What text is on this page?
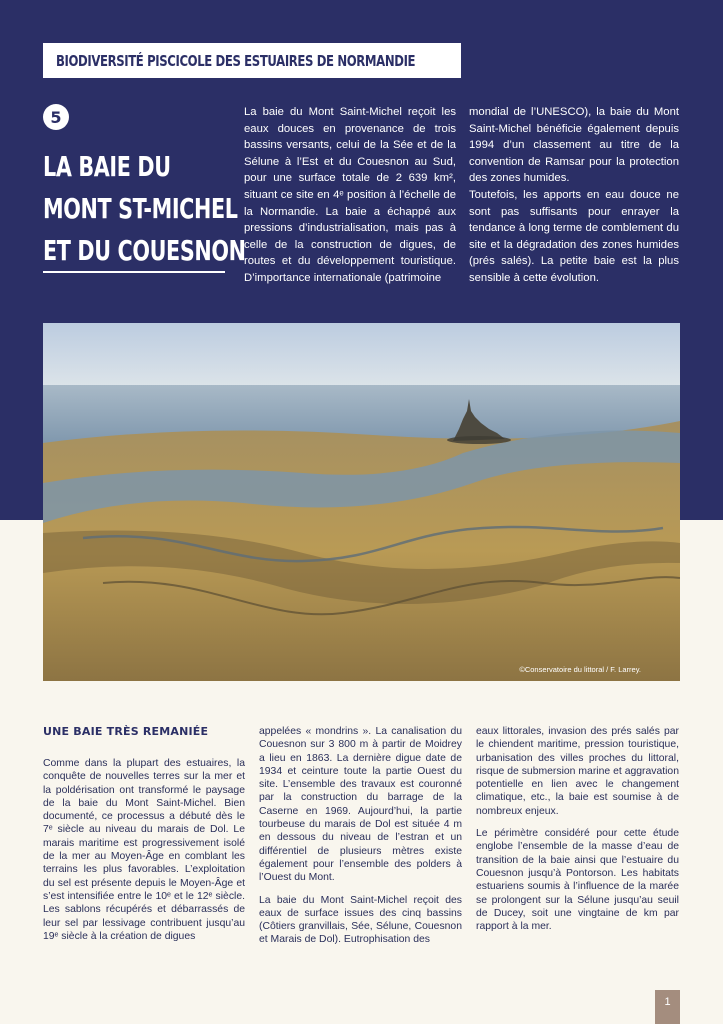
BIODIVERSITÉ PISCICOLE DES ESTUAIRES DE NORMANDIE
5
LA BAIE DU
MONT ST-MICHEL
ET DU COUESNON

La baie du Mont Saint-Michel reçoit les eaux douces en provenance de trois bassins versants, celui de la Sée et de la Sélune à l’Est et du Couesnon au Sud, pour une surface totale de 2 639 km², situant ce site en 4ᵉ position à l’échelle de la Normandie. La baie a échappé aux pressions d’industrialisation, mais pas à celle de la construction de digues, de routes et du développement touristique. D’importance internationale (patrimoine

mondial de l’UNESCO), la baie du Mont Saint-Michel bénéficie également depuis 1994 d’un classement au titre de la convention de Ramsar pour la protection des zones humides.

Toutefois, les apports en eau douce ne sont pas suffisants pour enrayer la tendance à long terme de comblement du site et la dégradation des zones humides (prés salés). La petite baie est la plus sensible à cette évolution.

©Conservatoire du littoral / F. Larrey.
UNE BAIE TRÈS REMANIÉE

Comme dans la plupart des estuaires, la conquête de nouvelles terres sur la mer et la poldérisation ont transformé le paysage de la baie du Mont Saint-Michel. Bien documenté, ce processus a débuté dès le 7ᵉ siècle au niveau du marais de Dol. Le marais maritime est progressivement isolé de la mer au Moyen-Âge en comblant les terrains les plus favorables. L’exploitation du sel est présente depuis le Moyen-Âge et s’est intensifiée entre le 10ᵉ et le 12ᵉ siècle. Les sablons récupérés et débarrassés de leur sel par lessivage contribuent jusqu’au 19ᵉ siècle à la création de digues

appelées « mondrins ». La canalisation du Couesnon sur 3 800 m à partir de Moidrey a lieu en 1863. La dernière digue date de 1934 et ceinture toute la partie Ouest du site. L’ensemble des travaux est couronné par la construction du barrage de la Caserne en 1969. Aujourd’hui, la partie tourbeuse du marais de Dol est située 4 m en dessous du niveau de l’estran et un différentiel de plusieurs mètres existe également pour l’ensemble des polders à l’Ouest du Mont.

La baie du Mont Saint-Michel reçoit des eaux de surface issues des cinq bassins (Côtiers granvillais, Sée, Sélune, Couesnon et Marais de Dol). Eutrophisation des

eaux littorales, invasion des prés salés par le chiendent maritime, pression touristique, urbanisation des villes proches du littoral, risque de submersion marine et aggravation potentielle en lien avec le changement climatique, etc., la baie est soumise à de nombreux enjeux.

Le périmètre considéré pour cette étude englobe l’ensemble de la masse d’eau de transition de la baie ainsi que l’estuaire du Couesnon jusqu’à Pontorson. Les habitats estuariens soumis à l’influence de la marée se prolongent sur la Sélune jusqu’au seuil de Ducey, soit une vingtaine de km par rapport à la mer.

1
